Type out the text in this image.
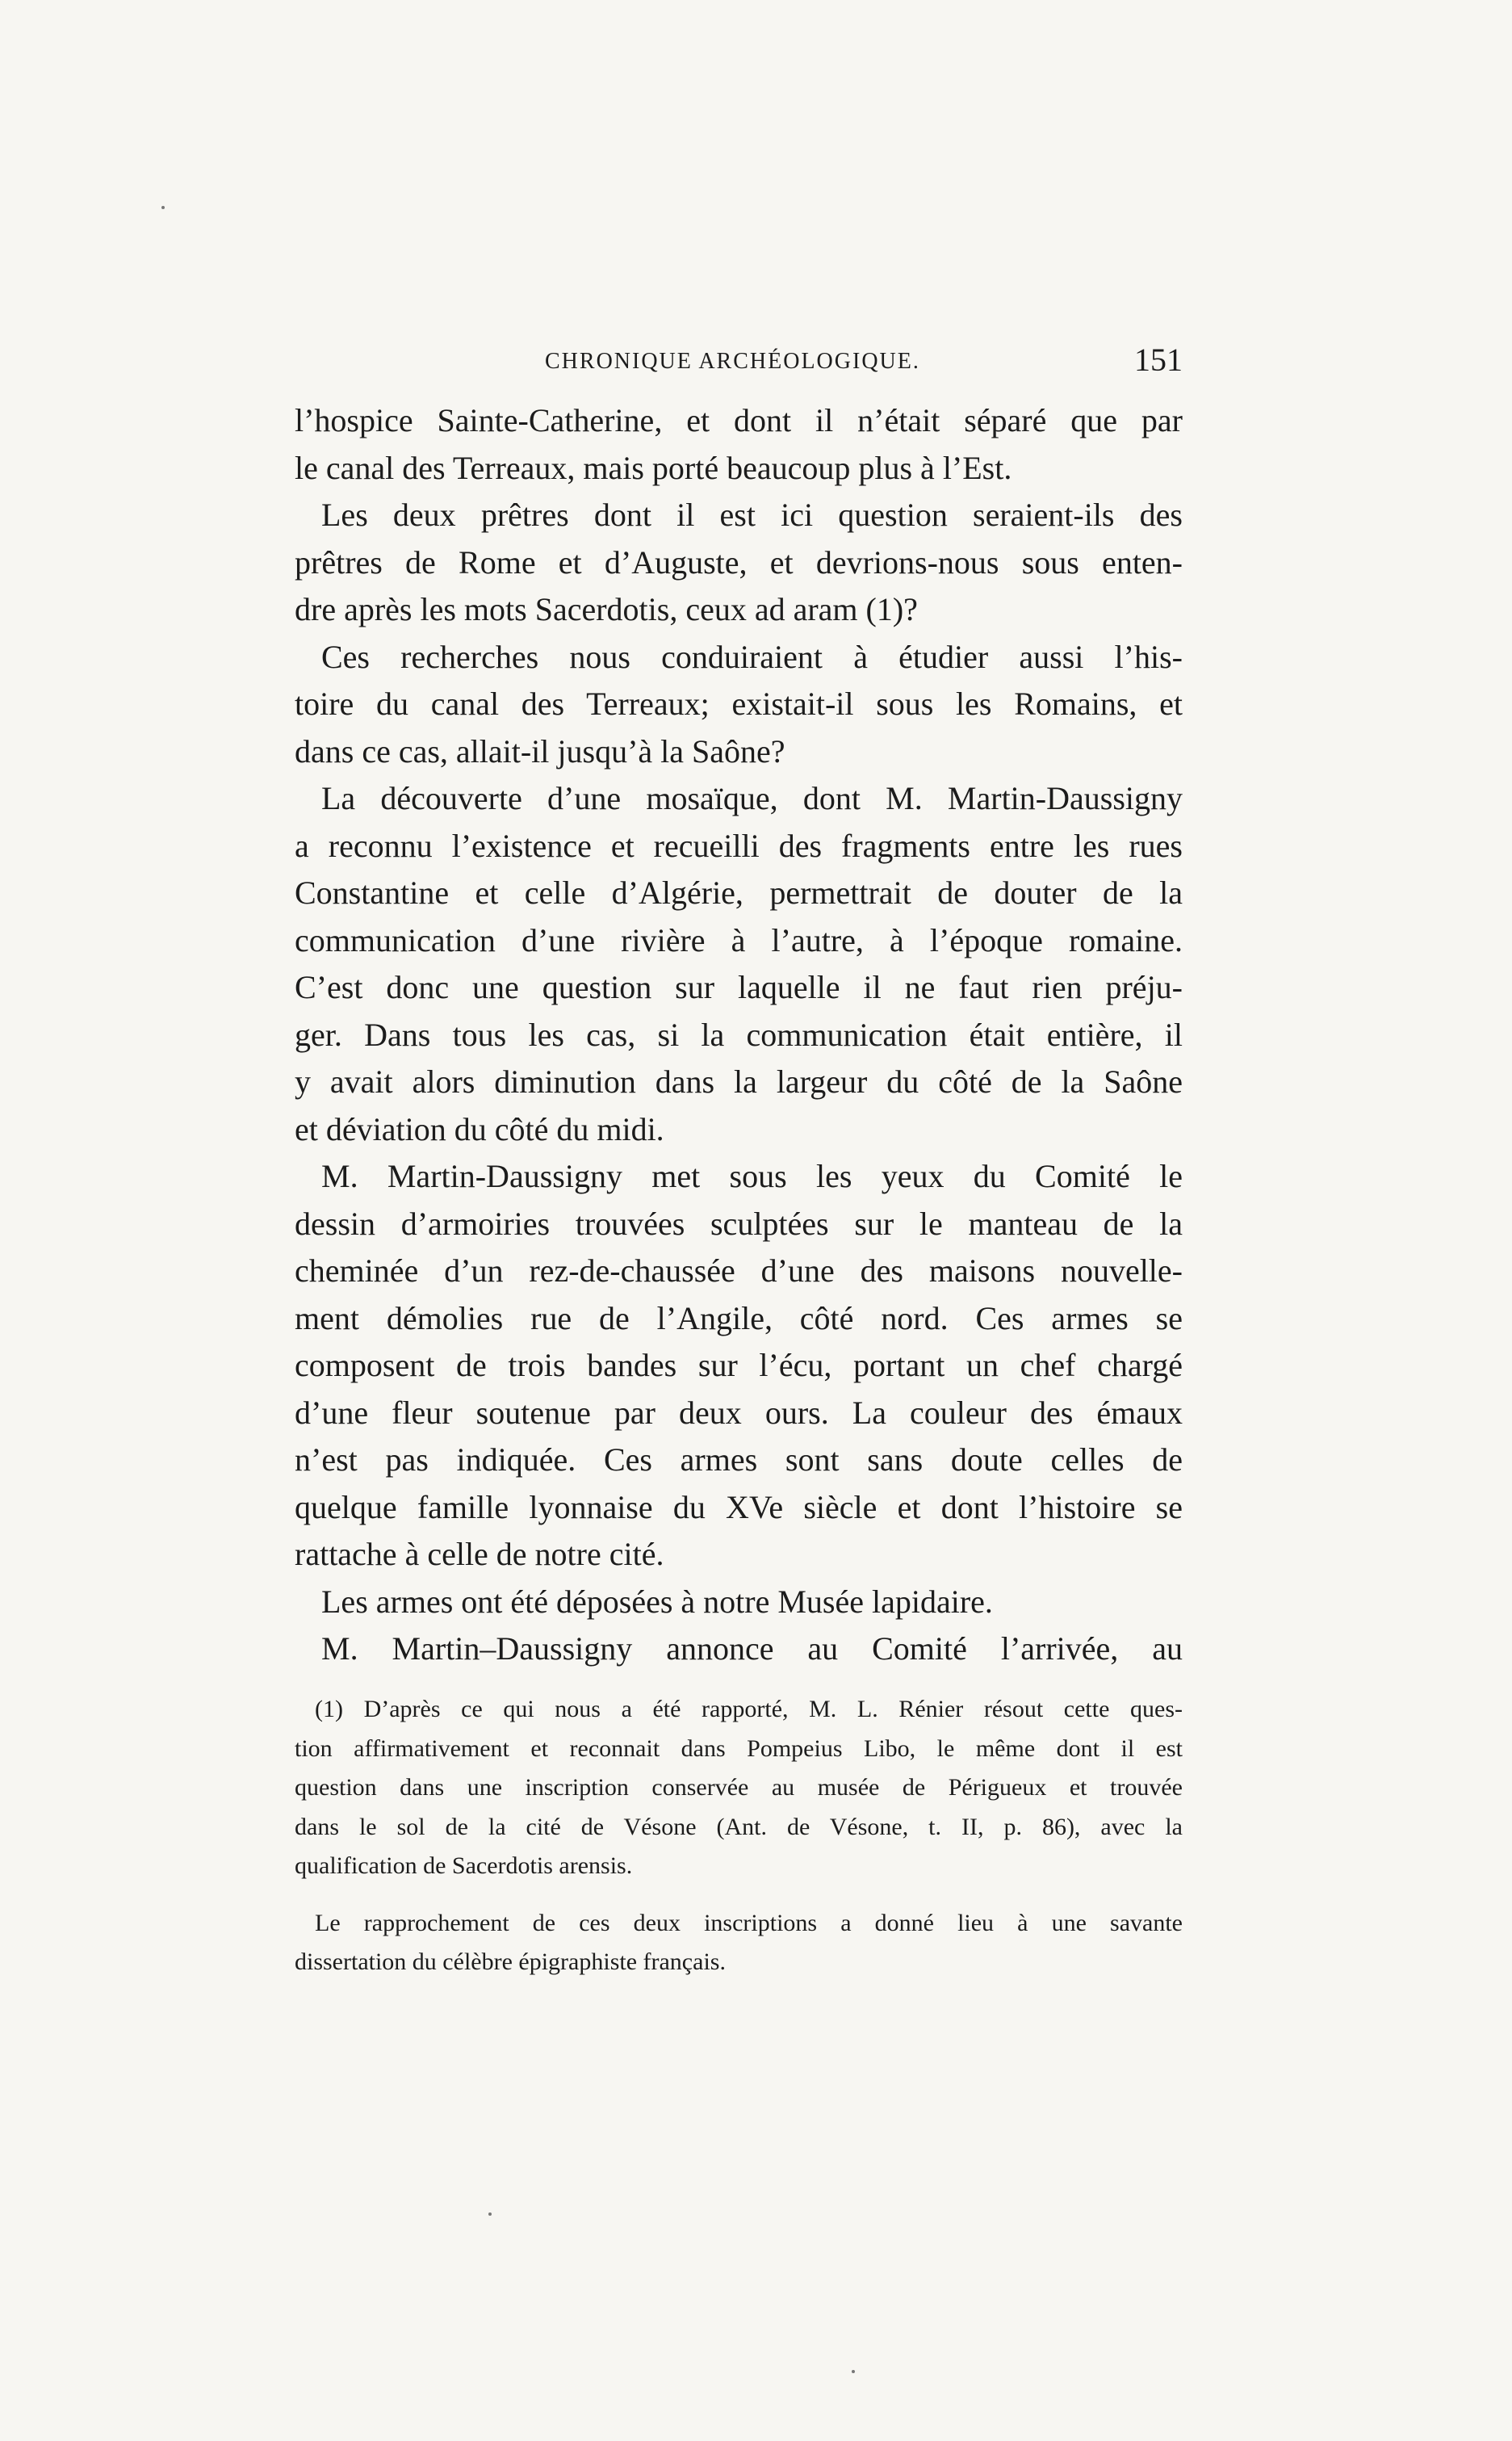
CHRONIQUE ARCHÉOLOGIQUE.	151
l’hospice Sainte-Catherine, et dont il n’était séparé que par
le canal des Terreaux, mais porté beaucoup plus à l’Est.
Les deux prêtres dont il est ici question seraient-ils des
prêtres de Rome et d’Auguste, et devrions-nous sous enten-
dre après les mots Sacerdotis, ceux ad aram (1)?
Ces recherches nous conduiraient à étudier aussi l’his-
toire du canal des Terreaux; existait-il sous les Romains, et
dans ce cas, allait-il jusqu’à la Saône?
La découverte d’une mosaïque, dont M. Martin-Daussigny
a reconnu l’existence et recueilli des fragments entre les rues
Constantine et celle d’Algérie, permettrait de douter de la
communication d’une rivière à l’autre, à l’époque romaine.
C’est donc une question sur laquelle il ne faut rien préju-
ger. Dans tous les cas, si la communication était entière, il
y avait alors diminution dans la largeur du côté de la Saône
et déviation du côté du midi.
M. Martin-Daussigny met sous les yeux du Comité le
dessin d’armoiries trouvées sculptées sur le manteau de la
cheminée d’un rez-de-chaussée d’une des maisons nouvelle-
ment démolies rue de l’Angile, côté nord. Ces armes se
composent de trois bandes sur l’écu, portant un chef chargé
d’une fleur soutenue par deux ours. La couleur des émaux
n’est pas indiquée. Ces armes sont sans doute celles de
quelque famille lyonnaise du XVe siècle et dont l’histoire se
rattache à celle de notre cité.
Les armes ont été déposées à notre Musée lapidaire.
M. Martin–Daussigny annonce au Comité l’arrivée, au
(1) D’après ce qui nous a été rapporté, M. L. Rénier résout cette ques-
tion affirmativement et reconnait dans Pompeius Libo, le même dont il est
question dans une inscription conservée au musée de Périgueux et trouvée
dans le sol de la cité de Vésone (Ant. de Vésone, t. II, p. 86), avec la
qualification de Sacerdotis arensis.
Le rapprochement de ces deux inscriptions a donné lieu à une savante
dissertation du célèbre épigraphiste français.
